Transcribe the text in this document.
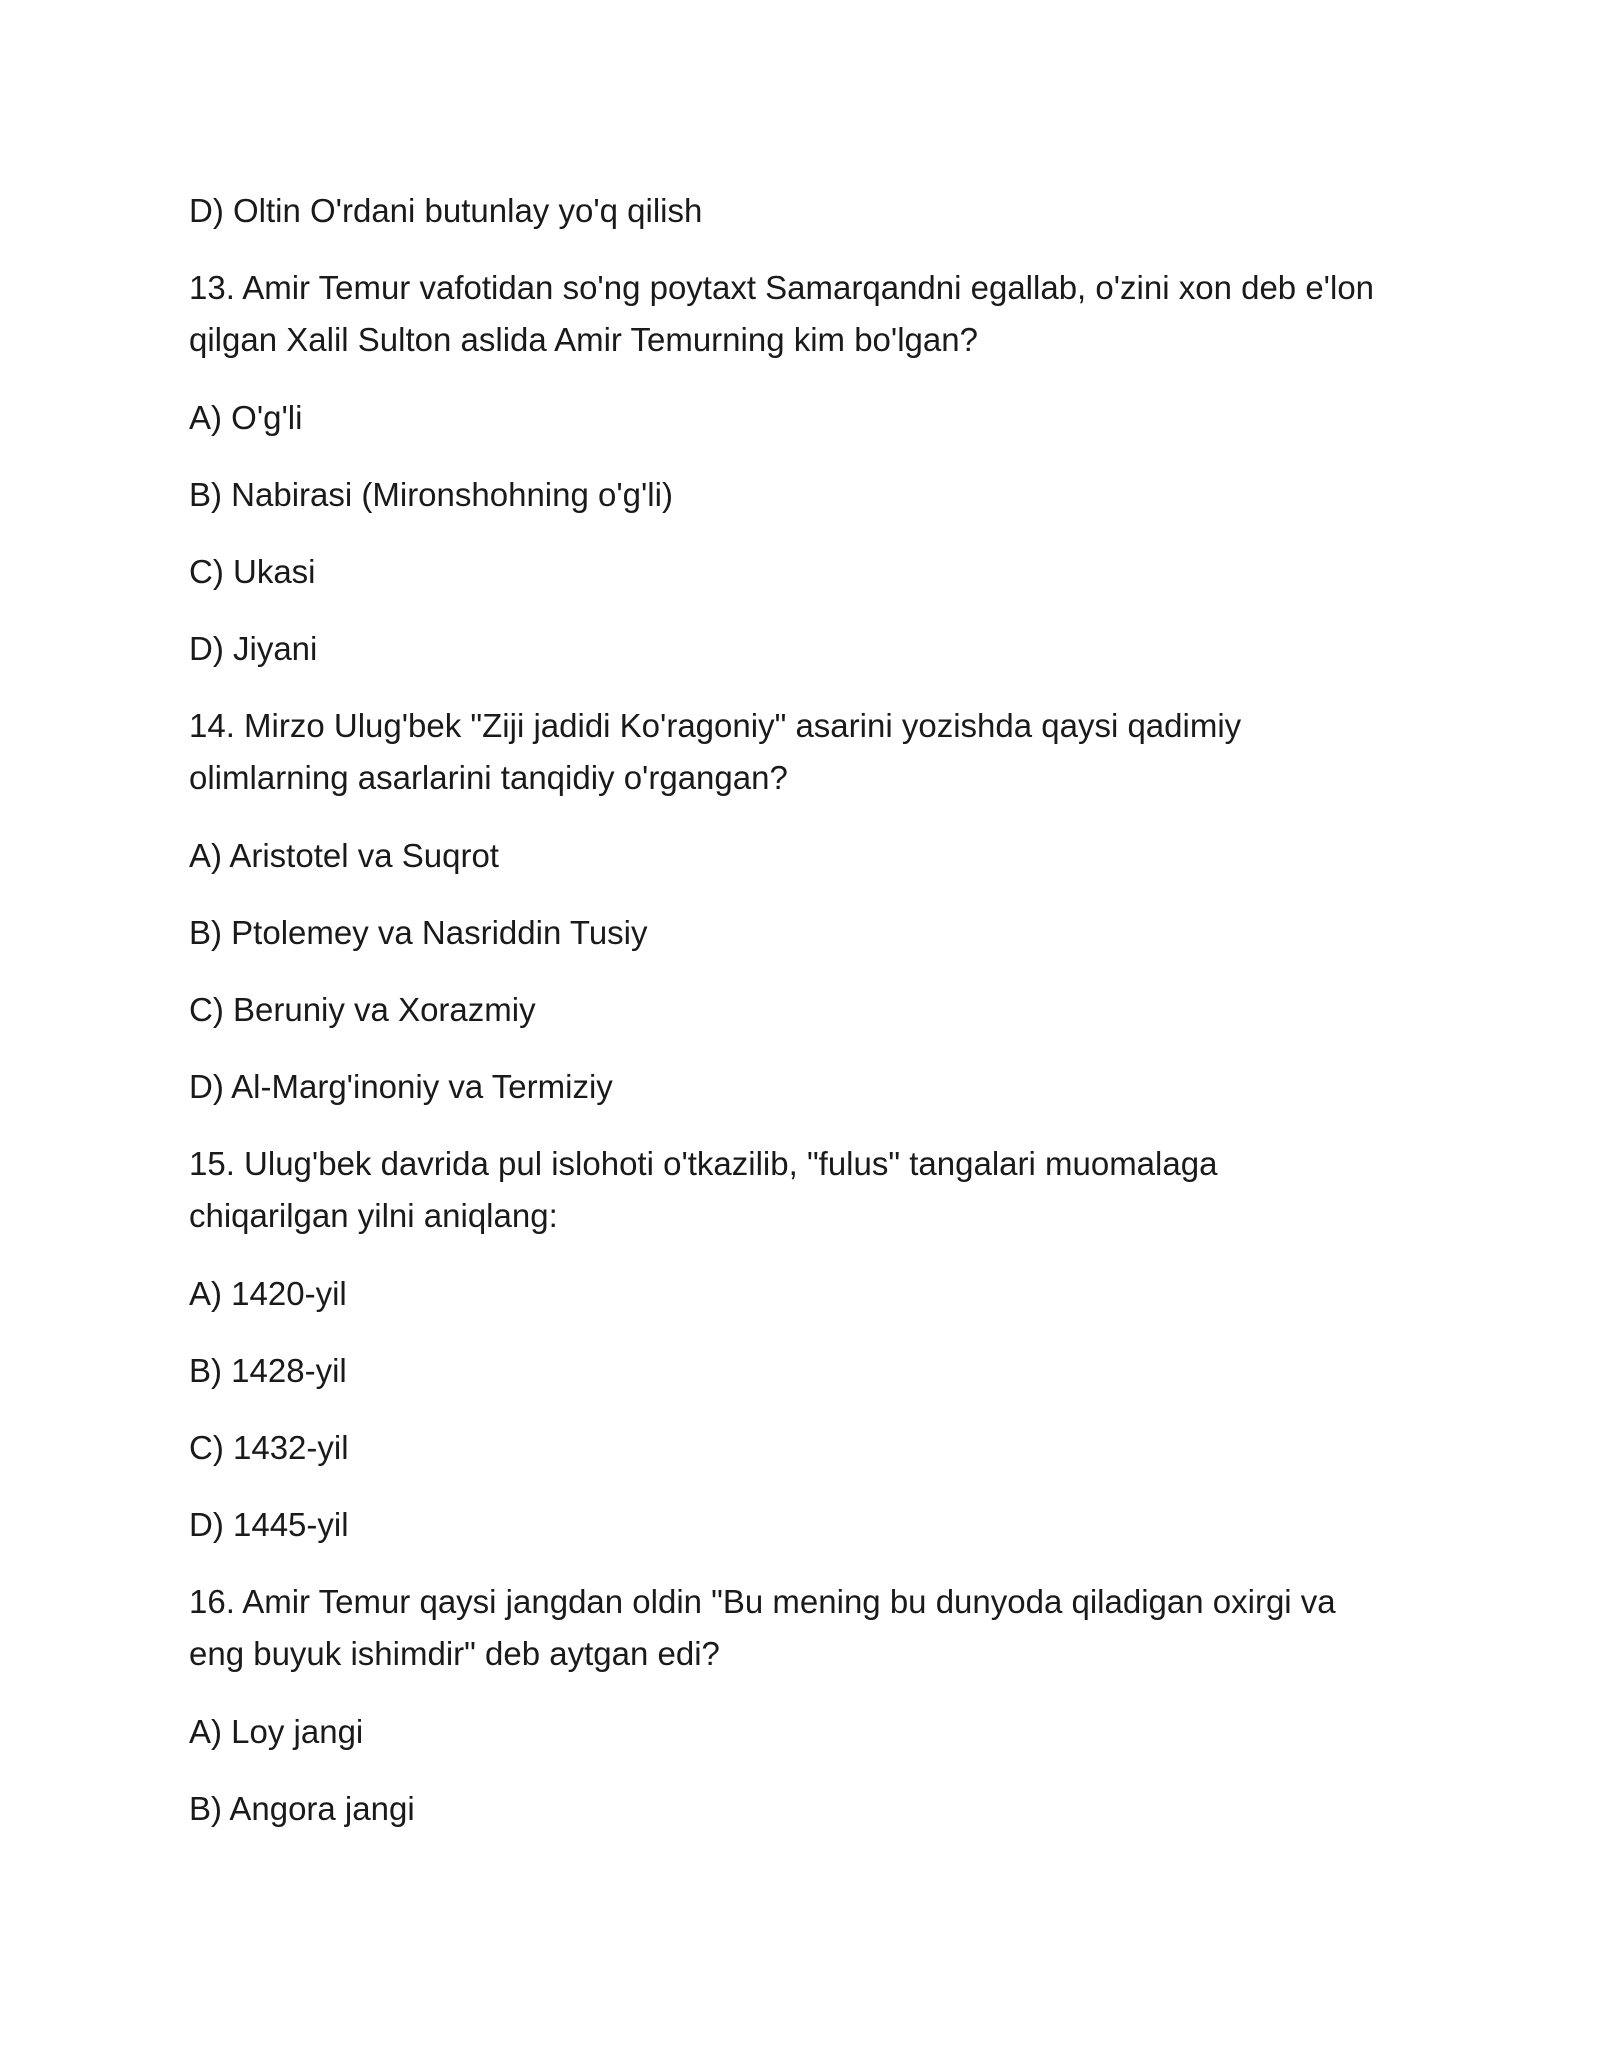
D) Oltin O'rdani butunlay yo'q qilish

13. Amir Temur vafotidan so'ng poytaxt Samarqandni egallab, o'zini xon deb e'lon
qilgan Xalil Sulton aslida Amir Temurning kim bo'lgan?

A) O'g'li

B) Nabirasi (Mironshohning o'g'li)

C) Ukasi

D) Jiyani

14. Mirzo Ulug'bek "Ziji jadidi Ko'ragoniy" asarini yozishda qaysi qadimiy
olimlarning asarlarini tanqidiy o'rgangan?

A) Aristotel va Suqrot

B) Ptolemey va Nasriddin Tusiy

C) Beruniy va Xorazmiy

D) Al-Marg'inoniy va Termiziy

15. Ulug'bek davrida pul islohoti o'tkazilib, "fulus" tangalari muomalaga
chiqarilgan yilni aniqlang:

A) 1420-yil

B) 1428-yil

C) 1432-yil

D) 1445-yil

16. Amir Temur qaysi jangdan oldin "Bu mening bu dunyoda qiladigan oxirgi va
eng buyuk ishimdir" deb aytgan edi?

A) Loy jangi

B) Angora jangi
